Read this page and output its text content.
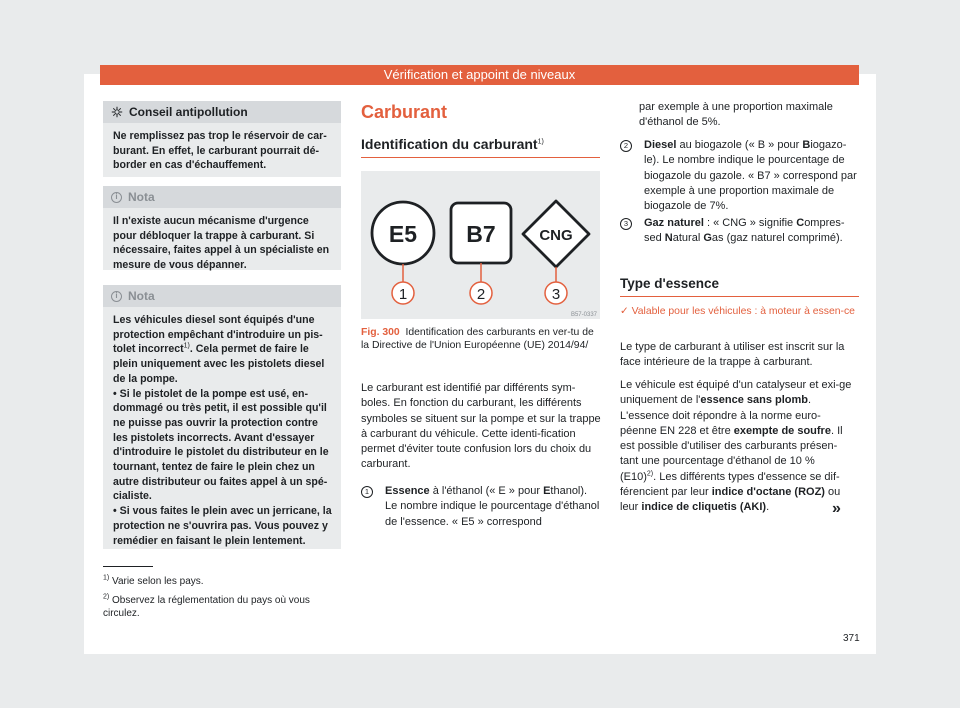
Vérification et appoint de niveaux
Conseil antipollution
Ne remplissez pas trop le réservoir de car-burant. En effet, le carburant pourrait dé-border en cas d'échauffement.
i Nota
Il n'existe aucun mécanisme d'urgence pour débloquer la trappe à carburant. Si nécessaire, faites appel à un spécialiste en mesure de vous dépanner.
i Nota

Les véhicules diesel sont équipés d'une protection empêchant d'introduire un pis-tolet incorrect$^{1)}$. Cela permet de faire le plein uniquement avec les pistolets diesel de la pompe.

• Si le pistolet de la pompe est usé, en-dommagé ou très petit, il est possible qu'il ne puisse pas ouvrir la protection contre les pistolets incorrects. Avant d'essayer d'introduire le pistolet du distributeur en le tournant, tentez de faire le plein chez un autre distributeur ou faites appel à un spé-cialiste.

• Si vous faites le plein avec un jerricane, la protection ne s'ouvrira pas. Vous pouvez y remédier en faisant le plein lentement.

$^{1)}$ Varie selon les pays.
$^{2)}$ Observez la réglementation du pays où vous circulez.
Carburant
Identification du carburant$^{1)}$
E5 B7	CNG
1	2	3
B57-0337
Fig. 300 Identification des carburants en ver-tu de la Directive de l'Union Européenne (UE) 2014/94/
Le carburant est identifié par différents sym-boles. En fonction du carburant, les différents symboles se situent sur la pompe et sur la trappe à carburant du véhicule. Cette identi-fication permet d'éviter toute confusion lors du choix du carburant.
1	Essence à l'éthanol (« E » pour Ethanol). Le nombre indique le pourcentage d'éthanol de l'essence. « E5 » correspond
par exemple à une proportion maximale d'éthanol de 5%.
2	Diesel au biogazole (« B » pour Biogazo-le). Le nombre indique le pourcentage de biogazole du gazole. « B7 » correspond par exemple à une proportion maximale de biogazole de 7%.
3	Gaz naturel : « CNG » signifie Compres-sed Natural Gas (gaz naturel comprimé).
Type d'essence
✓ Valable pour les véhicules : à moteur à essen-ce
Le type de carburant à utiliser est inscrit sur la face intérieure de la trappe à carburant.
Le véhicule est équipé d'un catalyseur et exi-ge uniquement de l'essence sans plomb. L'essence doit répondre à la norme euro-péenne EN 228 et être exempte de soufre. Il est possible d'utiliser des carburants présen-tant une pourcentage d'éthanol de 10 % $(E10)^{2)}$. Les différents types d'essence se dif-férencient par leur indice d'octane (ROZ) ou leur indice de cliquetis (AKI).	»
371
